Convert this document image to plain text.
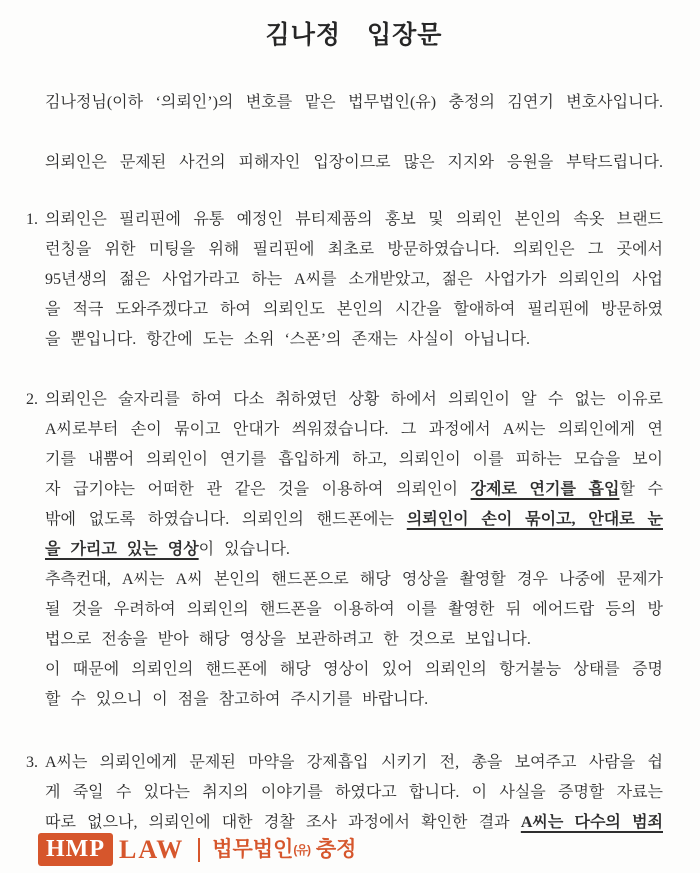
김나정　입장문

김나정님(이하 ‘의뢰인’)의 변호를 맡은 법무법인(유) 충정의 김연기 변호사입니다.

의뢰인은 문제된 사건의 피해자인 입장이므로 많은 지지와 응원을 부탁드립니다.

1. 의뢰인은 필리핀에 유통 예정인 뷰티제품의 홍보 및 의뢰인 본인의 속옷 브랜드
런칭을 위한 미팅을 위해 필리핀에 최초로 방문하였습니다. 의뢰인은 그 곳에서
95년생의 젊은 사업가라고 하는 A씨를 소개받았고, 젊은 사업가가 의뢰인의 사업
을 적극 도와주겠다고 하여 의뢰인도 본인의 시간을 할애하여 필리핀에 방문하였
을 뿐입니다. 항간에 도는 소위 ‘스폰’의 존재는 사실이 아닙니다.
2. 의뢰인은 술자리를 하여 다소 취하였던 상황 하에서 의뢰인이 알 수 없는 이유로
A씨로부터 손이 묶이고 안대가 씌워졌습니다. 그 과정에서 A씨는 의뢰인에게 연
기를 내뿜어 의뢰인이 연기를 흡입하게 하고, 의뢰인이 이를 피하는 모습을 보이
자 급기야는 어떠한 관 같은 것을 이용하여 의뢰인이 강제로 연기를 흡입할 수
밖에 없도록 하였습니다. 의뢰인의 핸드폰에는 의뢰인이 손이 묶이고, 안대로 눈
을 가리고 있는 영상이 있습니다.
추측컨대, A씨는 A씨 본인의 핸드폰으로 해당 영상을 촬영할 경우 나중에 문제가
될 것을 우려하여 의뢰인의 핸드폰을 이용하여 이를 촬영한 뒤 에어드랍 등의 방
법으로 전송을 받아 해당 영상을 보관하려고 한 것으로 보입니다.
이 때문에 의뢰인의 핸드폰에 해당 영상이 있어 의뢰인의 항거불능 상태를 증명
할 수 있으니 이 점을 참고하여 주시기를 바랍니다.
3. A씨는 의뢰인에게 문제된 마약을 강제흡입 시키기 전, 총을 보여주고 사람을 쉽
게 죽일 수 있다는 취지의 이야기를 하였다고 합니다. 이 사실을 증명할 자료는
따로 없으나, 의뢰인에 대한 경찰 조사 과정에서 확인한 결과 A씨는 다수의 범죄
HMP LAW 법무법인(유) 충정
